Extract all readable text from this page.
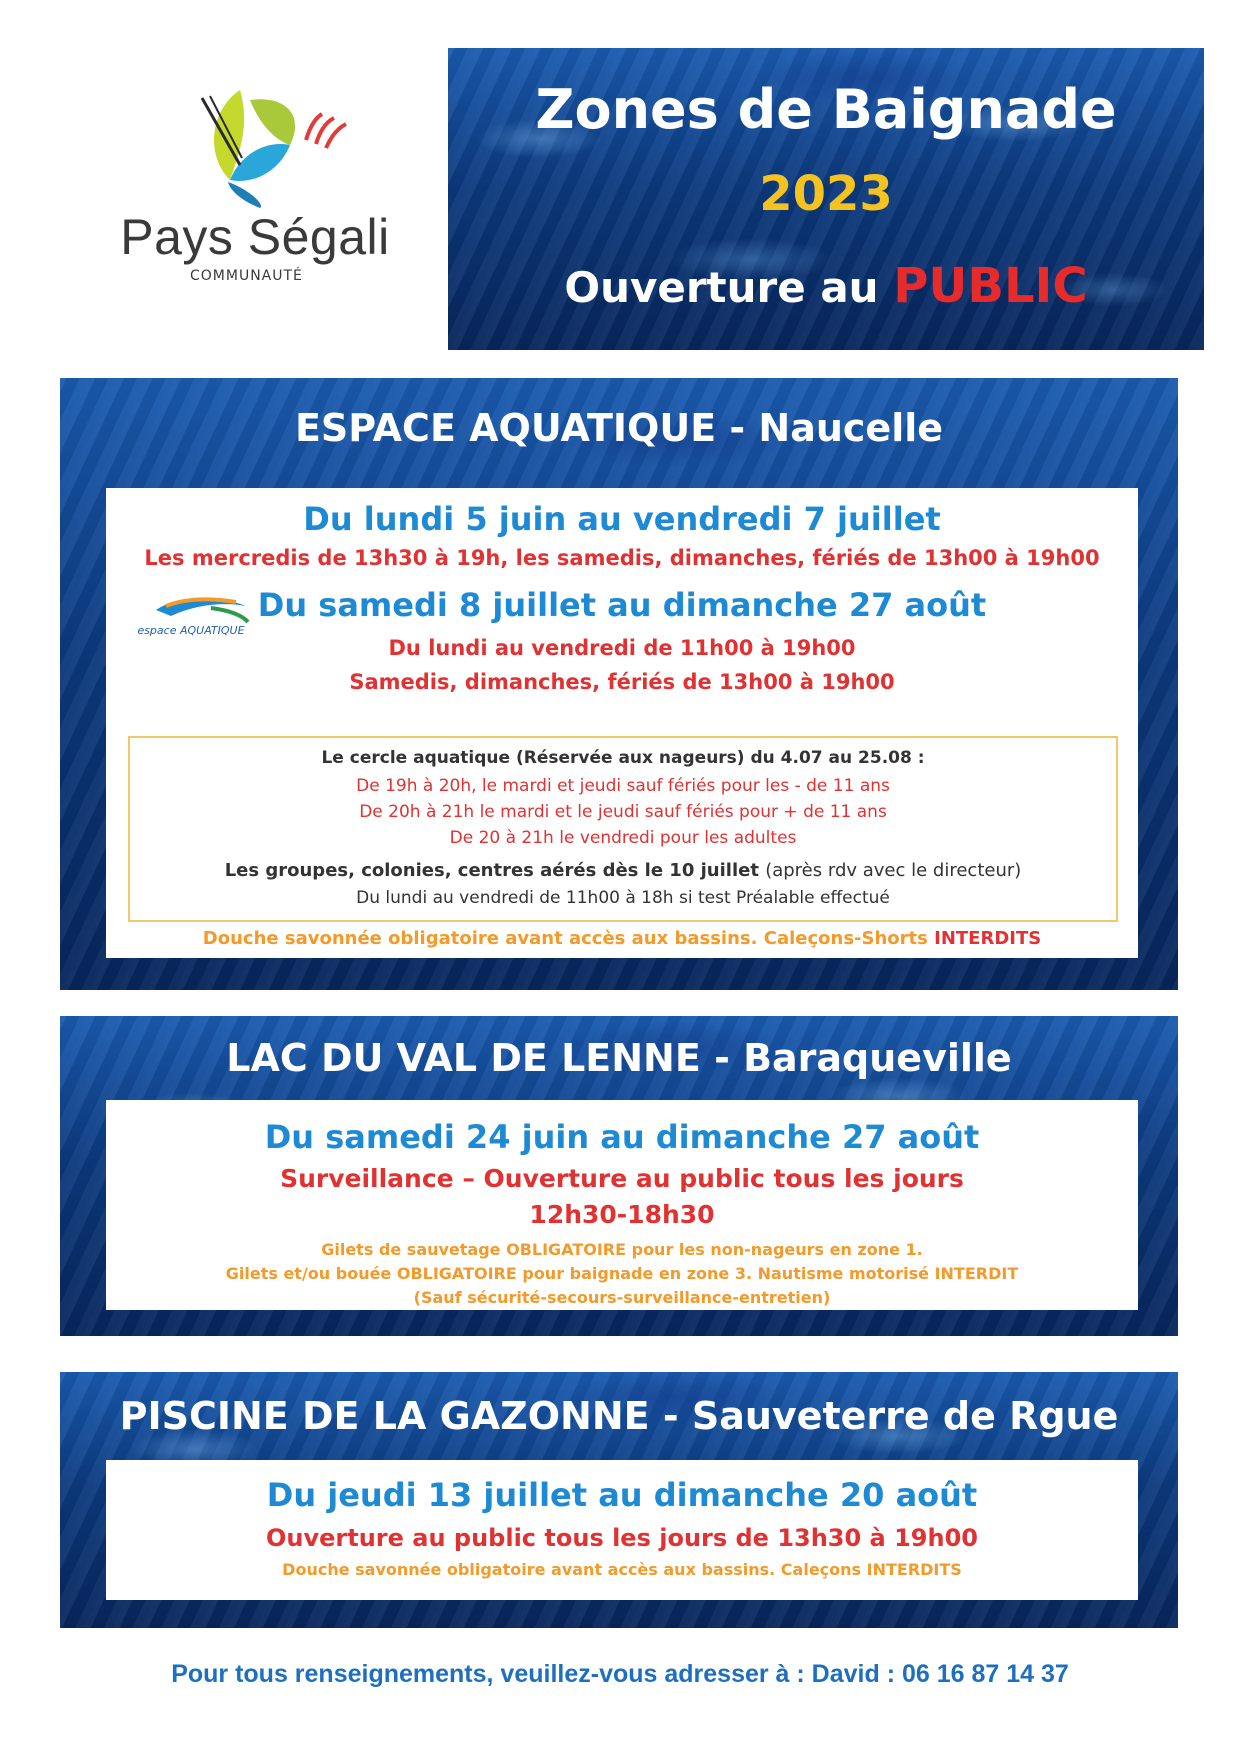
Pays Ségali
COMMUNAUTÉ
Zones de Baignade
2023
Ouverture au PUBLIC
ESPACE AQUATIQUE - Naucelle
Du lundi 5 juin au vendredi 7 juillet
Les mercredis de 13h30 à 19h, les samedis, dimanches, fériés de 13h00 à 19h00
Du samedi 8 juillet au dimanche 27 août
Du lundi au vendredi de 11h00 à 19h00
Samedis, dimanches, fériés de 13h00 à 19h00
espace AQUATIQUE
Le cercle aquatique (Réservée aux nageurs) du 4.07 au 25.08 :
De 19h à 20h, le mardi et jeudi sauf fériés pour les - de 11 ans
De 20h à 21h le mardi et le jeudi sauf fériés pour + de 11 ans
De 20 à 21h le vendredi pour les adultes
Les groupes, colonies, centres aérés dès le 10 juillet (après rdv avec le directeur)
Du lundi au vendredi de 11h00 à 18h si test Préalable effectué
Douche savonnée obligatoire avant accès aux bassins. Caleçons-Shorts INTERDITS
LAC DU VAL DE LENNE - Baraqueville
Du samedi 24 juin au dimanche 27 août
Surveillance – Ouverture au public tous les jours
12h30-18h30
Gilets de sauvetage OBLIGATOIRE pour les non-nageurs en zone 1.
Gilets et/ou bouée OBLIGATOIRE pour baignade en zone 3. Nautisme motorisé INTERDIT
(Sauf sécurité-secours-surveillance-entretien)
PISCINE DE LA GAZONNE - Sauveterre de Rgue
Du jeudi 13 juillet au dimanche 20 août
Ouverture au public tous les jours de 13h30 à 19h00
Douche savonnée obligatoire avant accès aux bassins. Caleçons INTERDITS
Pour tous renseignements, veuillez-vous adresser à : David : 06 16 87 14 37
